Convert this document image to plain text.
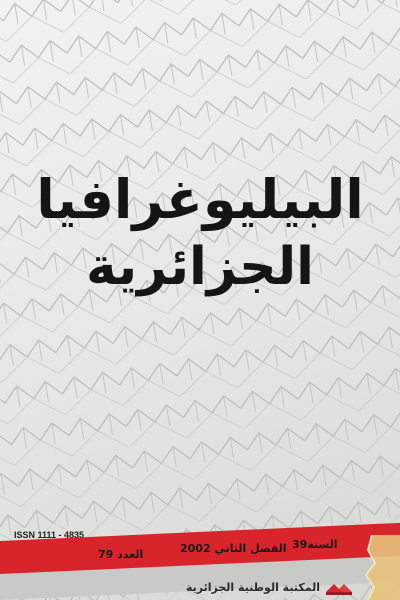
البيليوغرافيا
الجزائرية
ISSN 1111 - 4835
السنة39
الفصل الثاني 2002
العدد 79
المكتبة الوطنية الجزائرية
